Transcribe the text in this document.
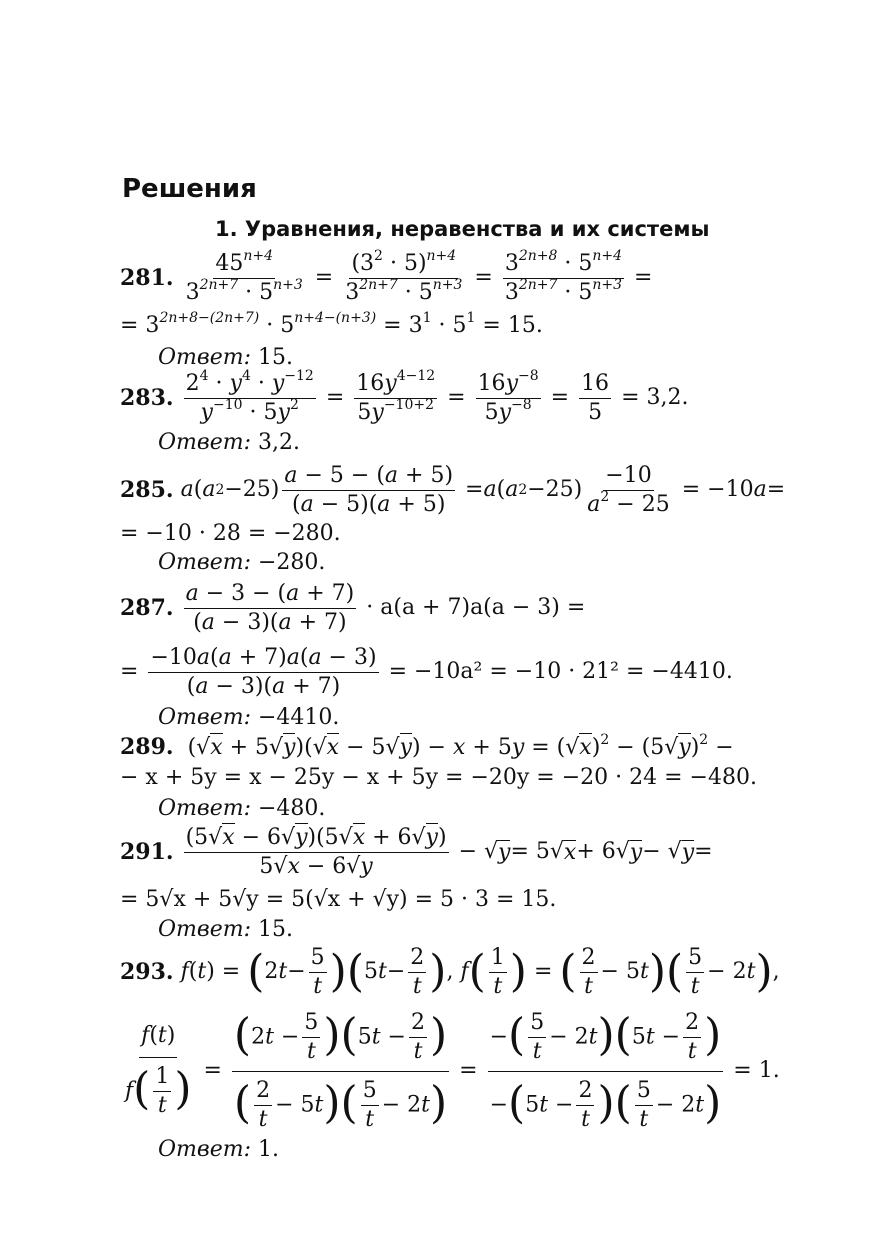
Решения
1. Уравнения, неравенства и их системы
281.
$\frac{45^{n+4}}{3^{2n+7} \cdot 5^{n+3}} = \frac{(3^2 \cdot 5)^{n+4}}{3^{2n+7} \cdot 5^{n+3}} = \frac{3^{2n+8} \cdot 5^{n+4}}{3^{2n+7} \cdot 5^{n+3}}$ =
= $3^{2n+8-(2n+7)} \cdot 5^{n+4-(n+3)} = 3^1 \cdot 5^1 = 15$.
Ответ: 15.
283.
$\frac{2^4 \cdot y^4 \cdot y^{-12}}{y^{-10} \cdot 5y^2} = \frac{16y^{4-12}}{5y^{-10+2}} = \frac{16y^{-8}}{5y^{-8}} = \frac{16}{5}$
= 3,2.
Ответ: 3,2.
285.
a ( a $2 -25) \frac{a - 5 - (a + 5)}{(a - 5)(a + 5)} = a$ ( a $2 -25) \frac{-10}{a^2 - 25} = -10$ a =
= −10 · 28 = −280.
Ответ: −280.
287.
$\frac{a - 3 - (a + 7)}{(a - 3)(a + 7)}$
· a(a + 7)a(a − 3) =
= $\frac{-10a(a + 7)a(a - 3)}{(a - 3)(a + 7)}$
= −10a² = −10 · 21² = −4410.
Ответ: −4410.
289.  $(√x + 5√y)(√x - 5√y) - x + 5y = (√x)^2 - (5√y)^2$ −
− x + 5y = x − 25y − x + 5y = −20y = −20 · 24 = −480.
Ответ: −480.
291.
$\frac{(5√x - 6√y)(5√x + 6√y)}{5√x - 6√y}$ − √ y = 5√ x + 6√ y − √ y =
= 5√x + 5√y = 5(√x + √y) = 5 · 3 = 15.
Ответ: 15.
293.
f ( t ) = ( 2 $t - \frac{5}{t}$ ) ( 5 $t - \frac{2}{t}$ ) , f ( $\frac{1}{t}$ ) = ( $\frac{2}{t} - 5$ t ) ( $\frac{5}{t} - 2$ t ) ,
$\frac{f(t)}{f( \frac{1}{t} )} = \frac{(2t - \frac{5}{t} )(5t - \frac{2}{t} )}{( \frac{2}{t} - 5t)( \frac{5}{t} - 2t)} = \frac{-( \frac{5}{t} - 2t)(5t - \frac{2}{t} )}{-(5t - \frac{2}{t} )( \frac{5}{t} - 2t)}$
= 1.
Ответ: 1.
